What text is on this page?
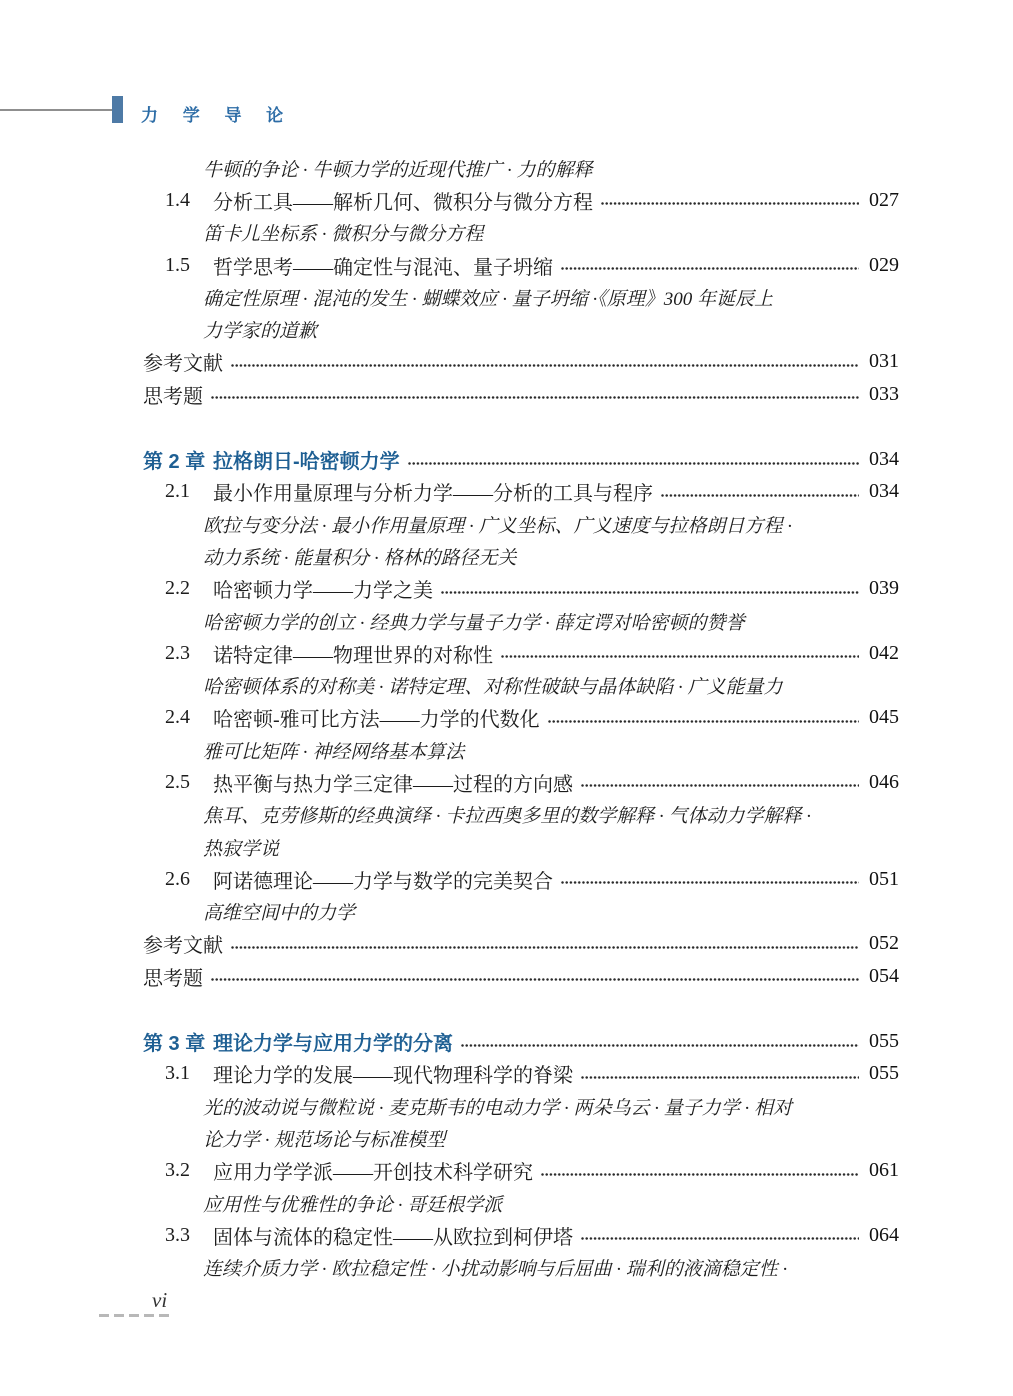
力 学 导 论
牛顿的争论 · 牛顿力学的近现代推广 · 力的解释
1.4	分析工具——解析几何、微积分与微分方程	027
笛卡儿坐标系 · 微积分与微分方程
1.5	哲学思考——确定性与混沌、量子坍缩	029
确定性原理 · 混沌的发生 · 蝴蝶效应 · 量子坍缩 ·《原理》300 年诞辰上
力学家的道歉
参考文献	031
思考题	033
第 2 章 拉格朗日-哈密顿力学	034
2.1	最小作用量原理与分析力学——分析的工具与程序	034
欧拉与变分法 · 最小作用量原理 · 广义坐标、广义速度与拉格朗日方程 ·
动力系统 · 能量积分 · 格林的路径无关
2.2	哈密顿力学——力学之美	039
哈密顿力学的创立 · 经典力学与量子力学 · 薛定谔对哈密顿的赞誉
2.3	诺特定律——物理世界的对称性	042
哈密顿体系的对称美 · 诺特定理、对称性破缺与晶体缺陷 · 广义能量力
2.4	哈密顿-雅可比方法——力学的代数化	045
雅可比矩阵 · 神经网络基本算法
2.5	热平衡与热力学三定律——过程的方向感	046
焦耳、克劳修斯的经典演绎 · 卡拉西奥多里的数学解释 · 气体动力学解释 ·
热寂学说
2.6	阿诺德理论——力学与数学的完美契合	051
高维空间中的力学
参考文献	052
思考题	054
第 3 章 理论力学与应用力学的分离	055
3.1	理论力学的发展——现代物理科学的脊梁	055
光的波动说与微粒说 · 麦克斯韦的电动力学 · 两朵乌云 · 量子力学 · 相对
论力学 · 规范场论与标准模型
3.2	应用力学学派——开创技术科学研究	061
应用性与优雅性的争论 · 哥廷根学派
3.3	固体与流体的稳定性——从欧拉到柯伊塔	064
连续介质力学 · 欧拉稳定性 · 小扰动影响与后屈曲 · 瑞利的液滴稳定性 ·
vi
